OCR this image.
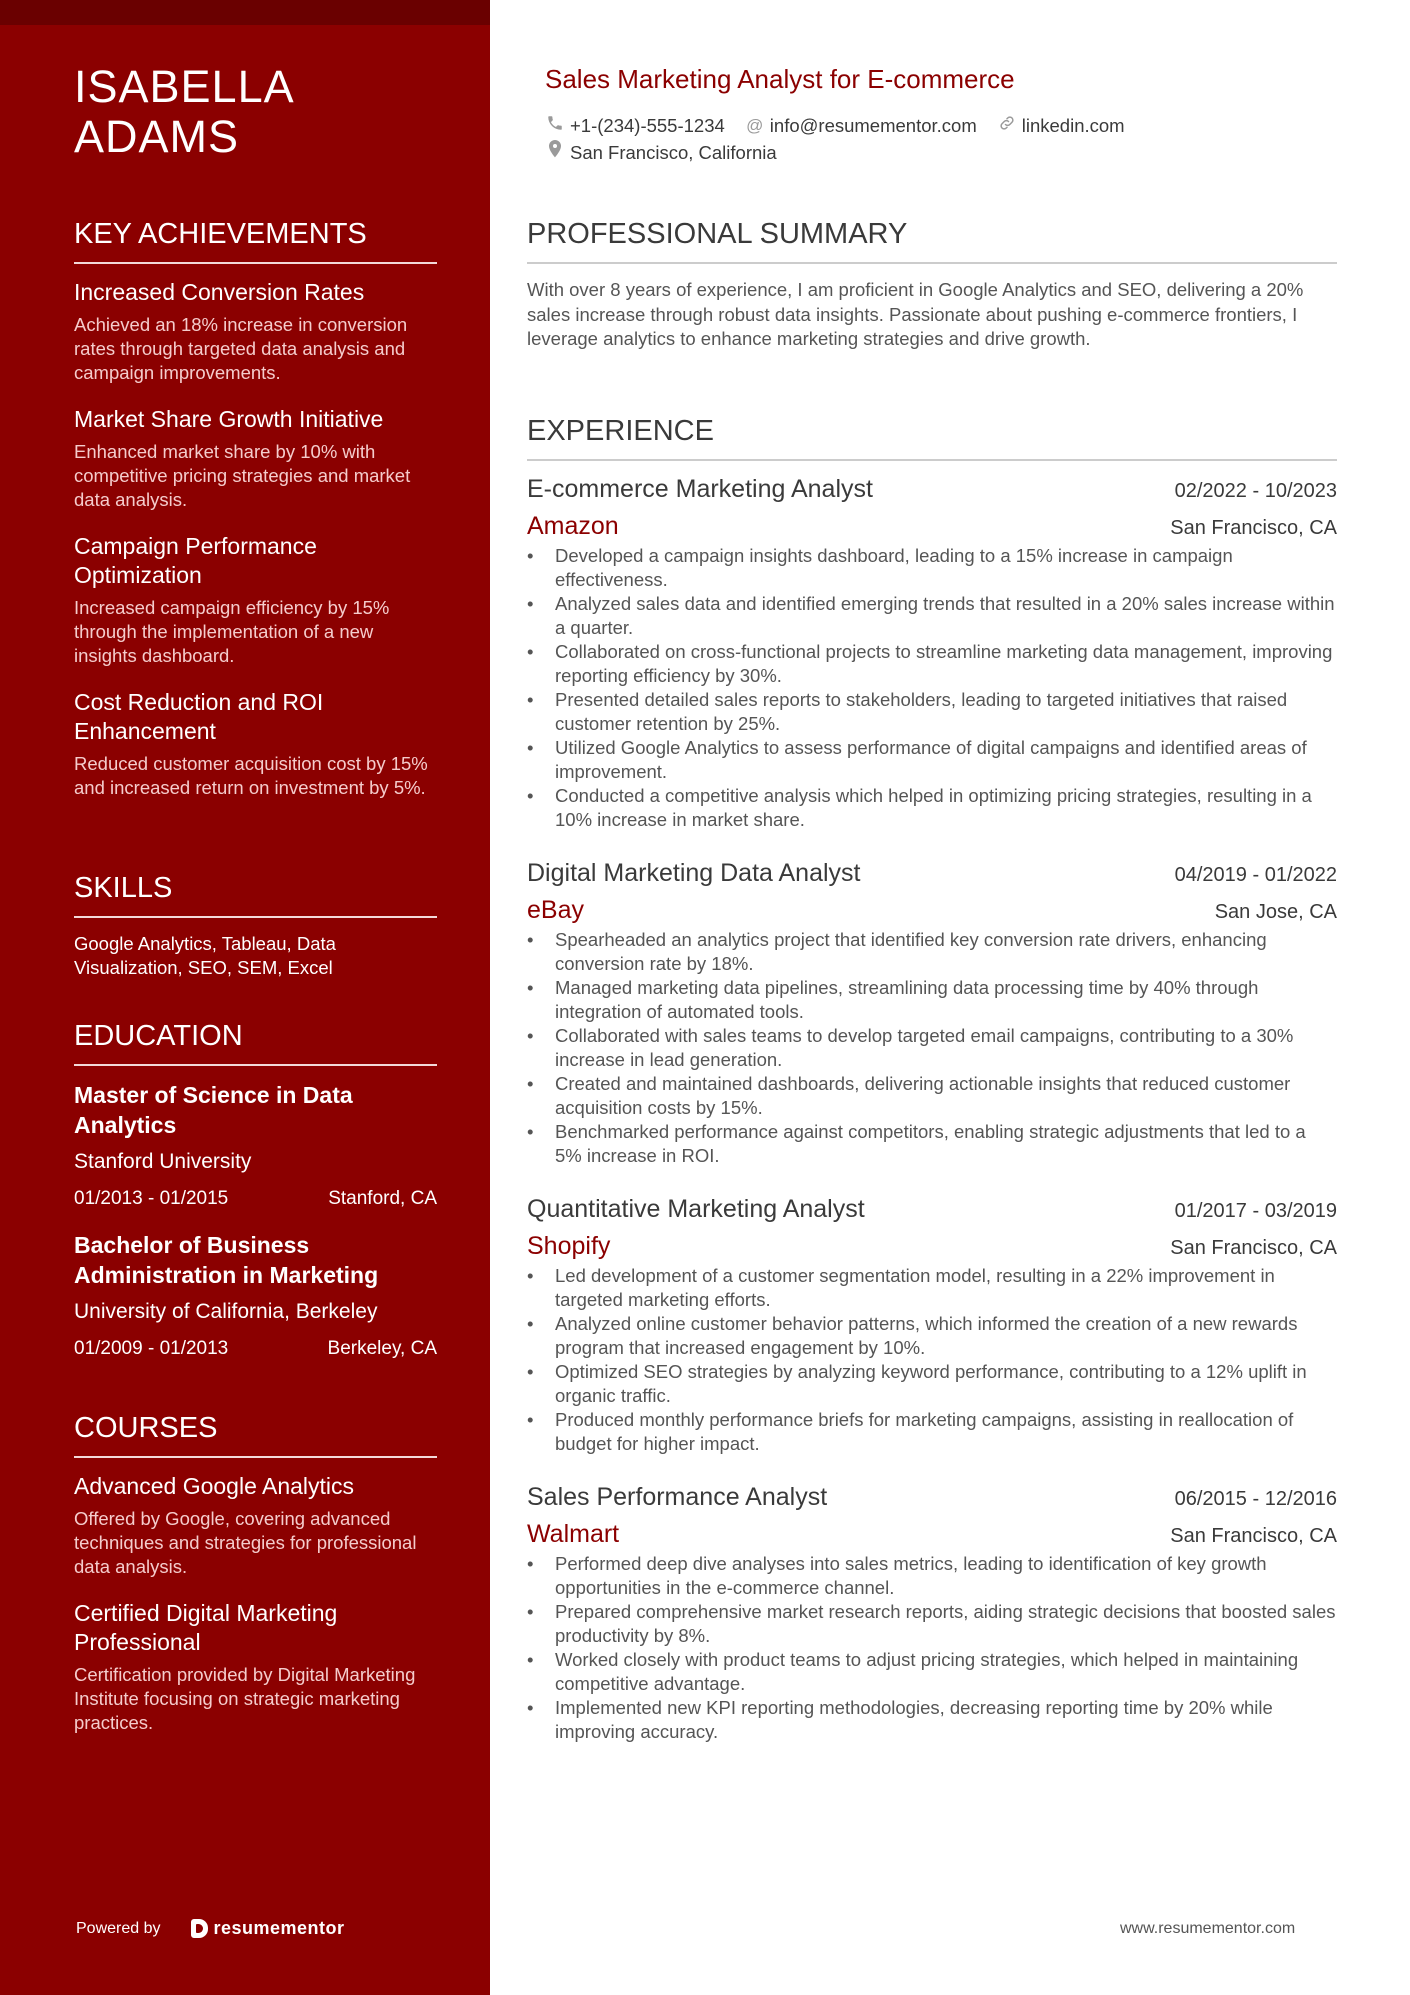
ISABELLA
ADAMS
KEY ACHIEVEMENTS
Increased Conversion Rates
Achieved an 18% increase in conversion rates through targeted data analysis and campaign improvements.
Market Share Growth Initiative
Enhanced market share by 10% with competitive pricing strategies and market data analysis.
Campaign Performance Optimization
Increased campaign efficiency by 15% through the implementation of a new insights dashboard.
Cost Reduction and ROI Enhancement
Reduced customer acquisition cost by 15% and increased return on investment by 5%.
SKILLS
Google Analytics, Tableau, Data Visualization, SEO, SEM, Excel
EDUCATION
Master of Science in Data Analytics
Stanford University
01/2013 - 01/2015	Stanford, CA
Bachelor of Business Administration in Marketing
University of California, Berkeley
01/2009 - 01/2013	Berkeley, CA
COURSES
Advanced Google Analytics
Offered by Google, covering advanced techniques and strategies for professional data analysis.
Certified Digital Marketing Professional
Certification provided by Digital Marketing Institute focusing on strategic marketing practices.
Powered by	resumementor
Sales Marketing Analyst for E-commerce
+1-(234)-555-1234 @ info@resumementor.com linkedin.com
San Francisco, California
PROFESSIONAL SUMMARY
With over 8 years of experience, I am proficient in Google Analytics and SEO, delivering a 20% sales increase through robust data insights. Passionate about pushing e-commerce frontiers, I leverage analytics to enhance marketing strategies and drive growth.
EXPERIENCE
E-commerce Marketing Analyst	02/2022 - 10/2023
Amazon	San Francisco, CA
• Developed a campaign insights dashboard, leading to a 15% increase in campaign effectiveness.
• Analyzed sales data and identified emerging trends that resulted in a 20% sales increase within a quarter.
• Collaborated on cross-functional projects to streamline marketing data management, improving reporting efficiency by 30%.
• Presented detailed sales reports to stakeholders, leading to targeted initiatives that raised customer retention by 25%.
• Utilized Google Analytics to assess performance of digital campaigns and identified areas of improvement.
• Conducted a competitive analysis which helped in optimizing pricing strategies, resulting in a 10% increase in market share.
Digital Marketing Data Analyst	04/2019 - 01/2022
eBay	San Jose, CA
• Spearheaded an analytics project that identified key conversion rate drivers, enhancing conversion rate by 18%.
• Managed marketing data pipelines, streamlining data processing time by 40% through integration of automated tools.
• Collaborated with sales teams to develop targeted email campaigns, contributing to a 30% increase in lead generation.
• Created and maintained dashboards, delivering actionable insights that reduced customer acquisition costs by 15%.
• Benchmarked performance against competitors, enabling strategic adjustments that led to a 5% increase in ROI.
Quantitative Marketing Analyst	01/2017 - 03/2019
Shopify	San Francisco, CA
• Led development of a customer segmentation model, resulting in a 22% improvement in targeted marketing efforts.
• Analyzed online customer behavior patterns, which informed the creation of a new rewards program that increased engagement by 10%.
• Optimized SEO strategies by analyzing keyword performance, contributing to a 12% uplift in organic traffic.
• Produced monthly performance briefs for marketing campaigns, assisting in reallocation of budget for higher impact.
Sales Performance Analyst	06/2015 - 12/2016
Walmart	San Francisco, CA
• Performed deep dive analyses into sales metrics, leading to identification of key growth opportunities in the e-commerce channel.
• Prepared comprehensive market research reports, aiding strategic decisions that boosted sales productivity by 8%.
• Worked closely with product teams to adjust pricing strategies, which helped in maintaining competitive advantage.
• Implemented new KPI reporting methodologies, decreasing reporting time by 20% while improving accuracy.
www.resumementor.com
